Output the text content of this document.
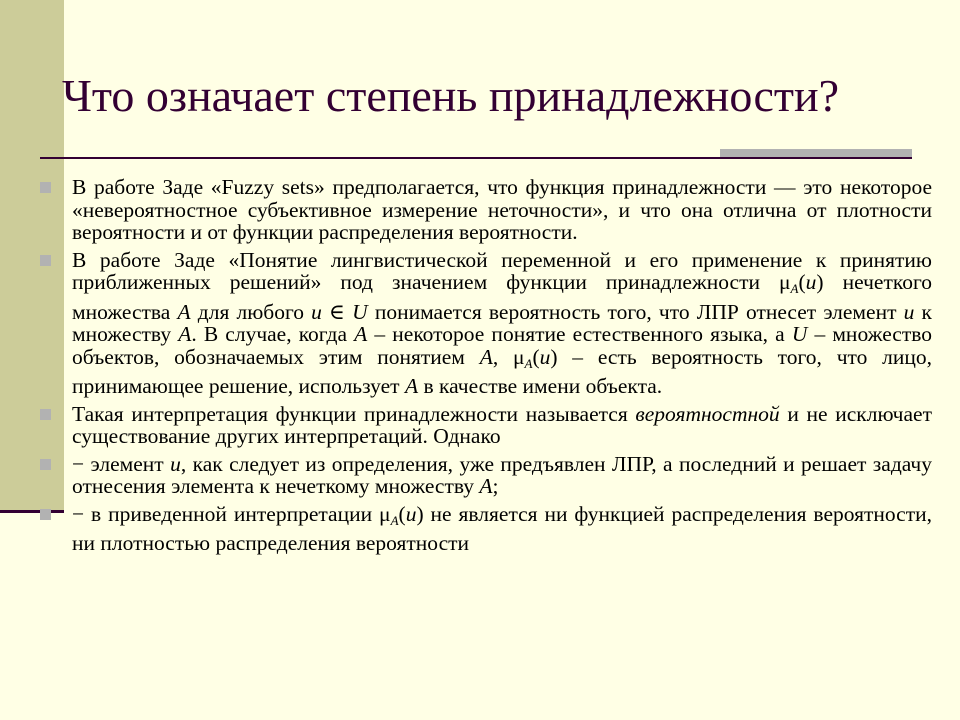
Что означает степень принадлежности?

В работе Заде «Fuzzy sets» предполагается, что функция принадлежности — это некоторое «невероятностное субъективное измерение неточности», и что она отлична от плотности вероятности и от функции распределения вероятности.

В работе Заде «Понятие лингвистической переменной и его применение к принятию приближенных решений» под значением функции принадлежности $\mu_A(u)$ нечеткого множества A для любого u ∈ U понимается вероятность того, что ЛПР отнесет элемент u к множеству A. В случае, когда A – некоторое понятие естественного языка, а U – множество объектов, обозначаемых этим понятием A, $\mu_A(u)$ – есть вероятность того, что лицо, принимающее решение, использует A в качестве имени объекта.

Такая интерпретация функции принадлежности называется вероятностной и не исключает существование других интерпретаций. Однако

− элемент u, как следует из определения, уже предъявлен ЛПР, а последний и решает задачу отнесения элемента к нечеткому множеству A;

− в приведенной интерпретации $\mu_A(u)$ не является ни функцией распределения вероятности, ни плотностью распределения вероятности
